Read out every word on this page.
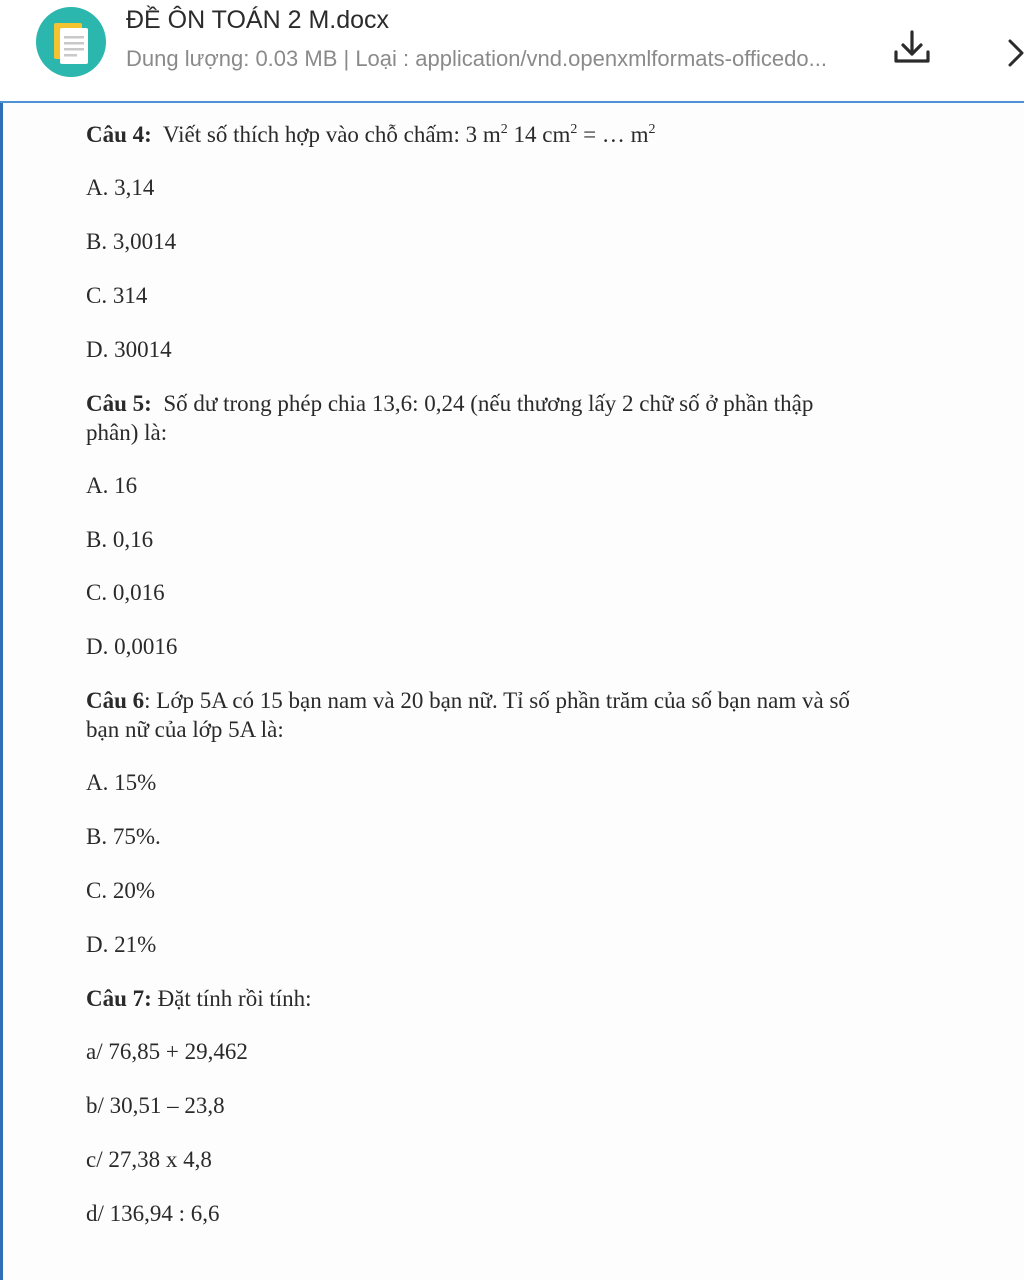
ĐỀ ÔN TOÁN 2 M.docx
Dung lượng: 0.03 MB | Loại : application/vnd.openxmlformats-officedo...
Câu 4: Viết số thích hợp vào chỗ chấm: 3 $m^2$ 14 $cm^2$ = … $m^2$
A. 3,14
B. 3,0014
C. 314
D. 30014
Câu 5: Số dư trong phép chia 13,6: 0,24 (nếu thương lấy 2 chữ số ở phần thập
phân) là:
A. 16
B. 0,16
C. 0,016
D. 0,0016
Câu 6: Lớp 5A có 15 bạn nam và 20 bạn nữ. Tỉ số phần trăm của số bạn nam và số
bạn nữ của lớp 5A là:
A. 15%
B. 75%.
C. 20%
D. 21%
Câu 7: Đặt tính rồi tính:
a/ 76,85 + 29,462
b/ 30,51 – 23,8
c/ 27,38 x 4,8
d/ 136,94 : 6,6
